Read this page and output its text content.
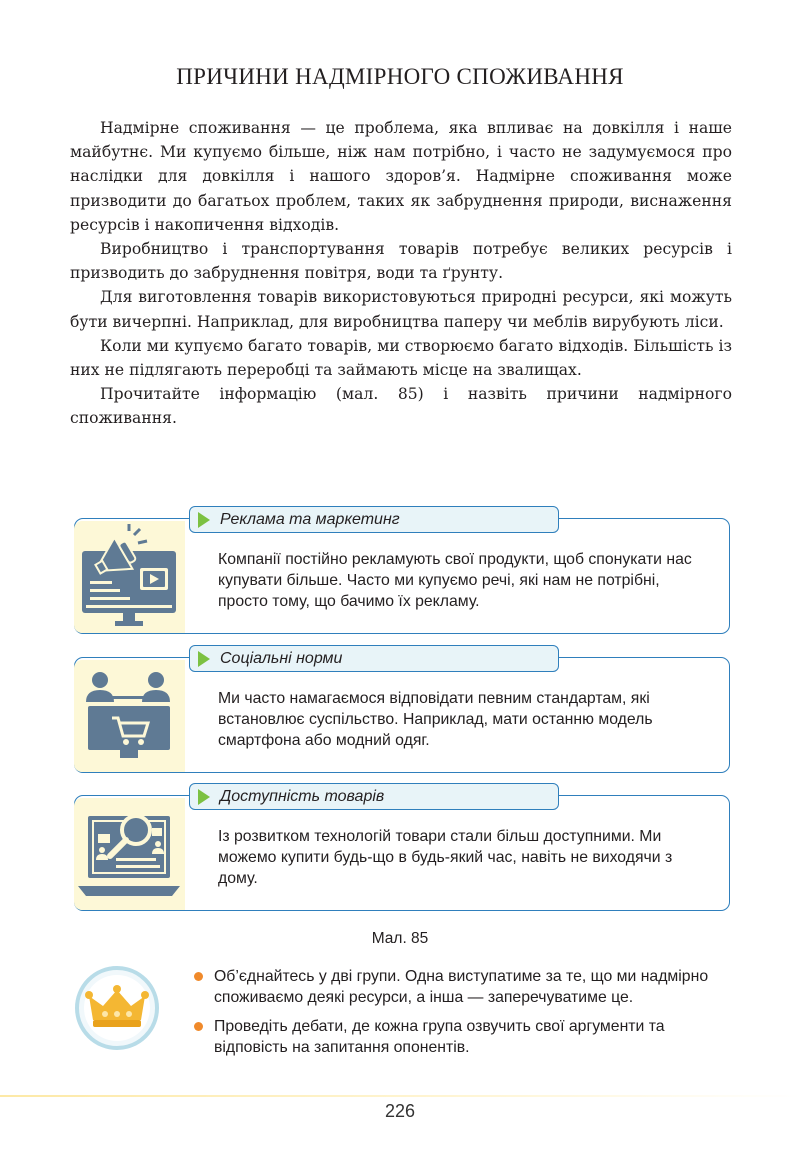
ПРИЧИНИ НАДМІРНОГО СПОЖИВАННЯ

Надмірне споживання — це проблема, яка впливає на довкілля і наше майбутнє. Ми купуємо більше, ніж нам потрібно, і часто не задумуємося про наслідки для довкілля і нашого здоров’я. Надмірне споживання може призводити до багатьох проблем, таких як забруднення природи, виснаження ресурсів і накопичення відходів.

Виробництво і транспортування товарів потребує великих ресурсів і призводить до забруднення повітря, води та ґрунту.

Для виготовлення товарів використовуються природні ресурси, які можуть бути вичерпні. Наприклад, для виробництва паперу чи меблів вирубують ліси.

Коли ми купуємо багато товарів, ми створюємо багато відходів. Більшість із них не підлягають переробці та займають місце на звалищах.

Прочитайте інформацію (мал. 85) і назвіть причини надмірного споживання.

Реклама та маркетинг
Компанії постійно рекламують свої продукти, щоб спонукати нас купувати більше. Часто ми купуємо речі, які нам не потрібні, просто тому, що бачимо їх рекламу.
Соціальні норми
Ми часто намагаємося відповідати певним стандартам, які встановлює суспільство. Наприклад, мати останню модель смартфона або модний одяг.
Доступність товарів
Із розвитком технологій товари стали більш доступними. Ми можемо купити будь-що в будь-який час, навіть не виходячи з дому.
Мал. 85
Об’єднайтесь у дві групи. Одна виступатиме за те, що ми надмірно споживаємо деякі ресурси, а інша — заперечуватиме це.
Проведіть дебати, де кожна група озвучить свої аргументи та відповість на запитання опонентів.
226
